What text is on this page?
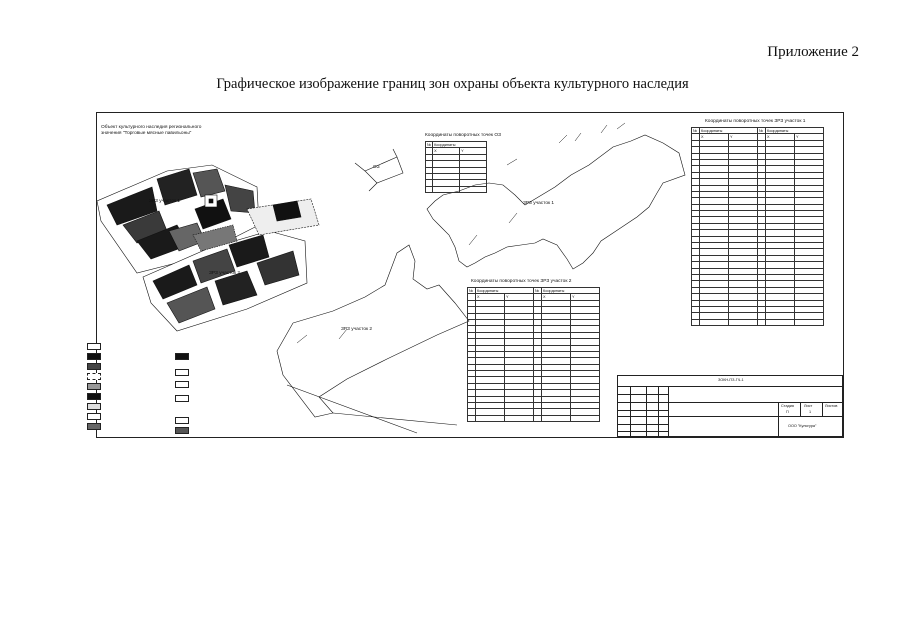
Приложение 2
Графическое изображение границ зон охраны объекта культурного наследия
Объект культурного наследия регионального
значения "Торговые мясные павильоны"
ЗРЗ участок 1
ЗРЗ участок 2
ЗРЗ участок 1
ЗРЗ участок 2
ОЗ
Координаты поворотных точек ОЗ
№	Координаты	
	X	Y

Координаты поворотных точек ЗРЗ участок 1
№	Координаты		№	Координаты	
	X	Y		X	Y

Координаты поворотных точек ЗРЗ участок 2
№	Координаты		№	Координаты	
	X	Y		X	Y

ЗОКН-ПЗ-ГЧ-1
Стадия	Лист	Листов
П	1
ООО "Культура"
